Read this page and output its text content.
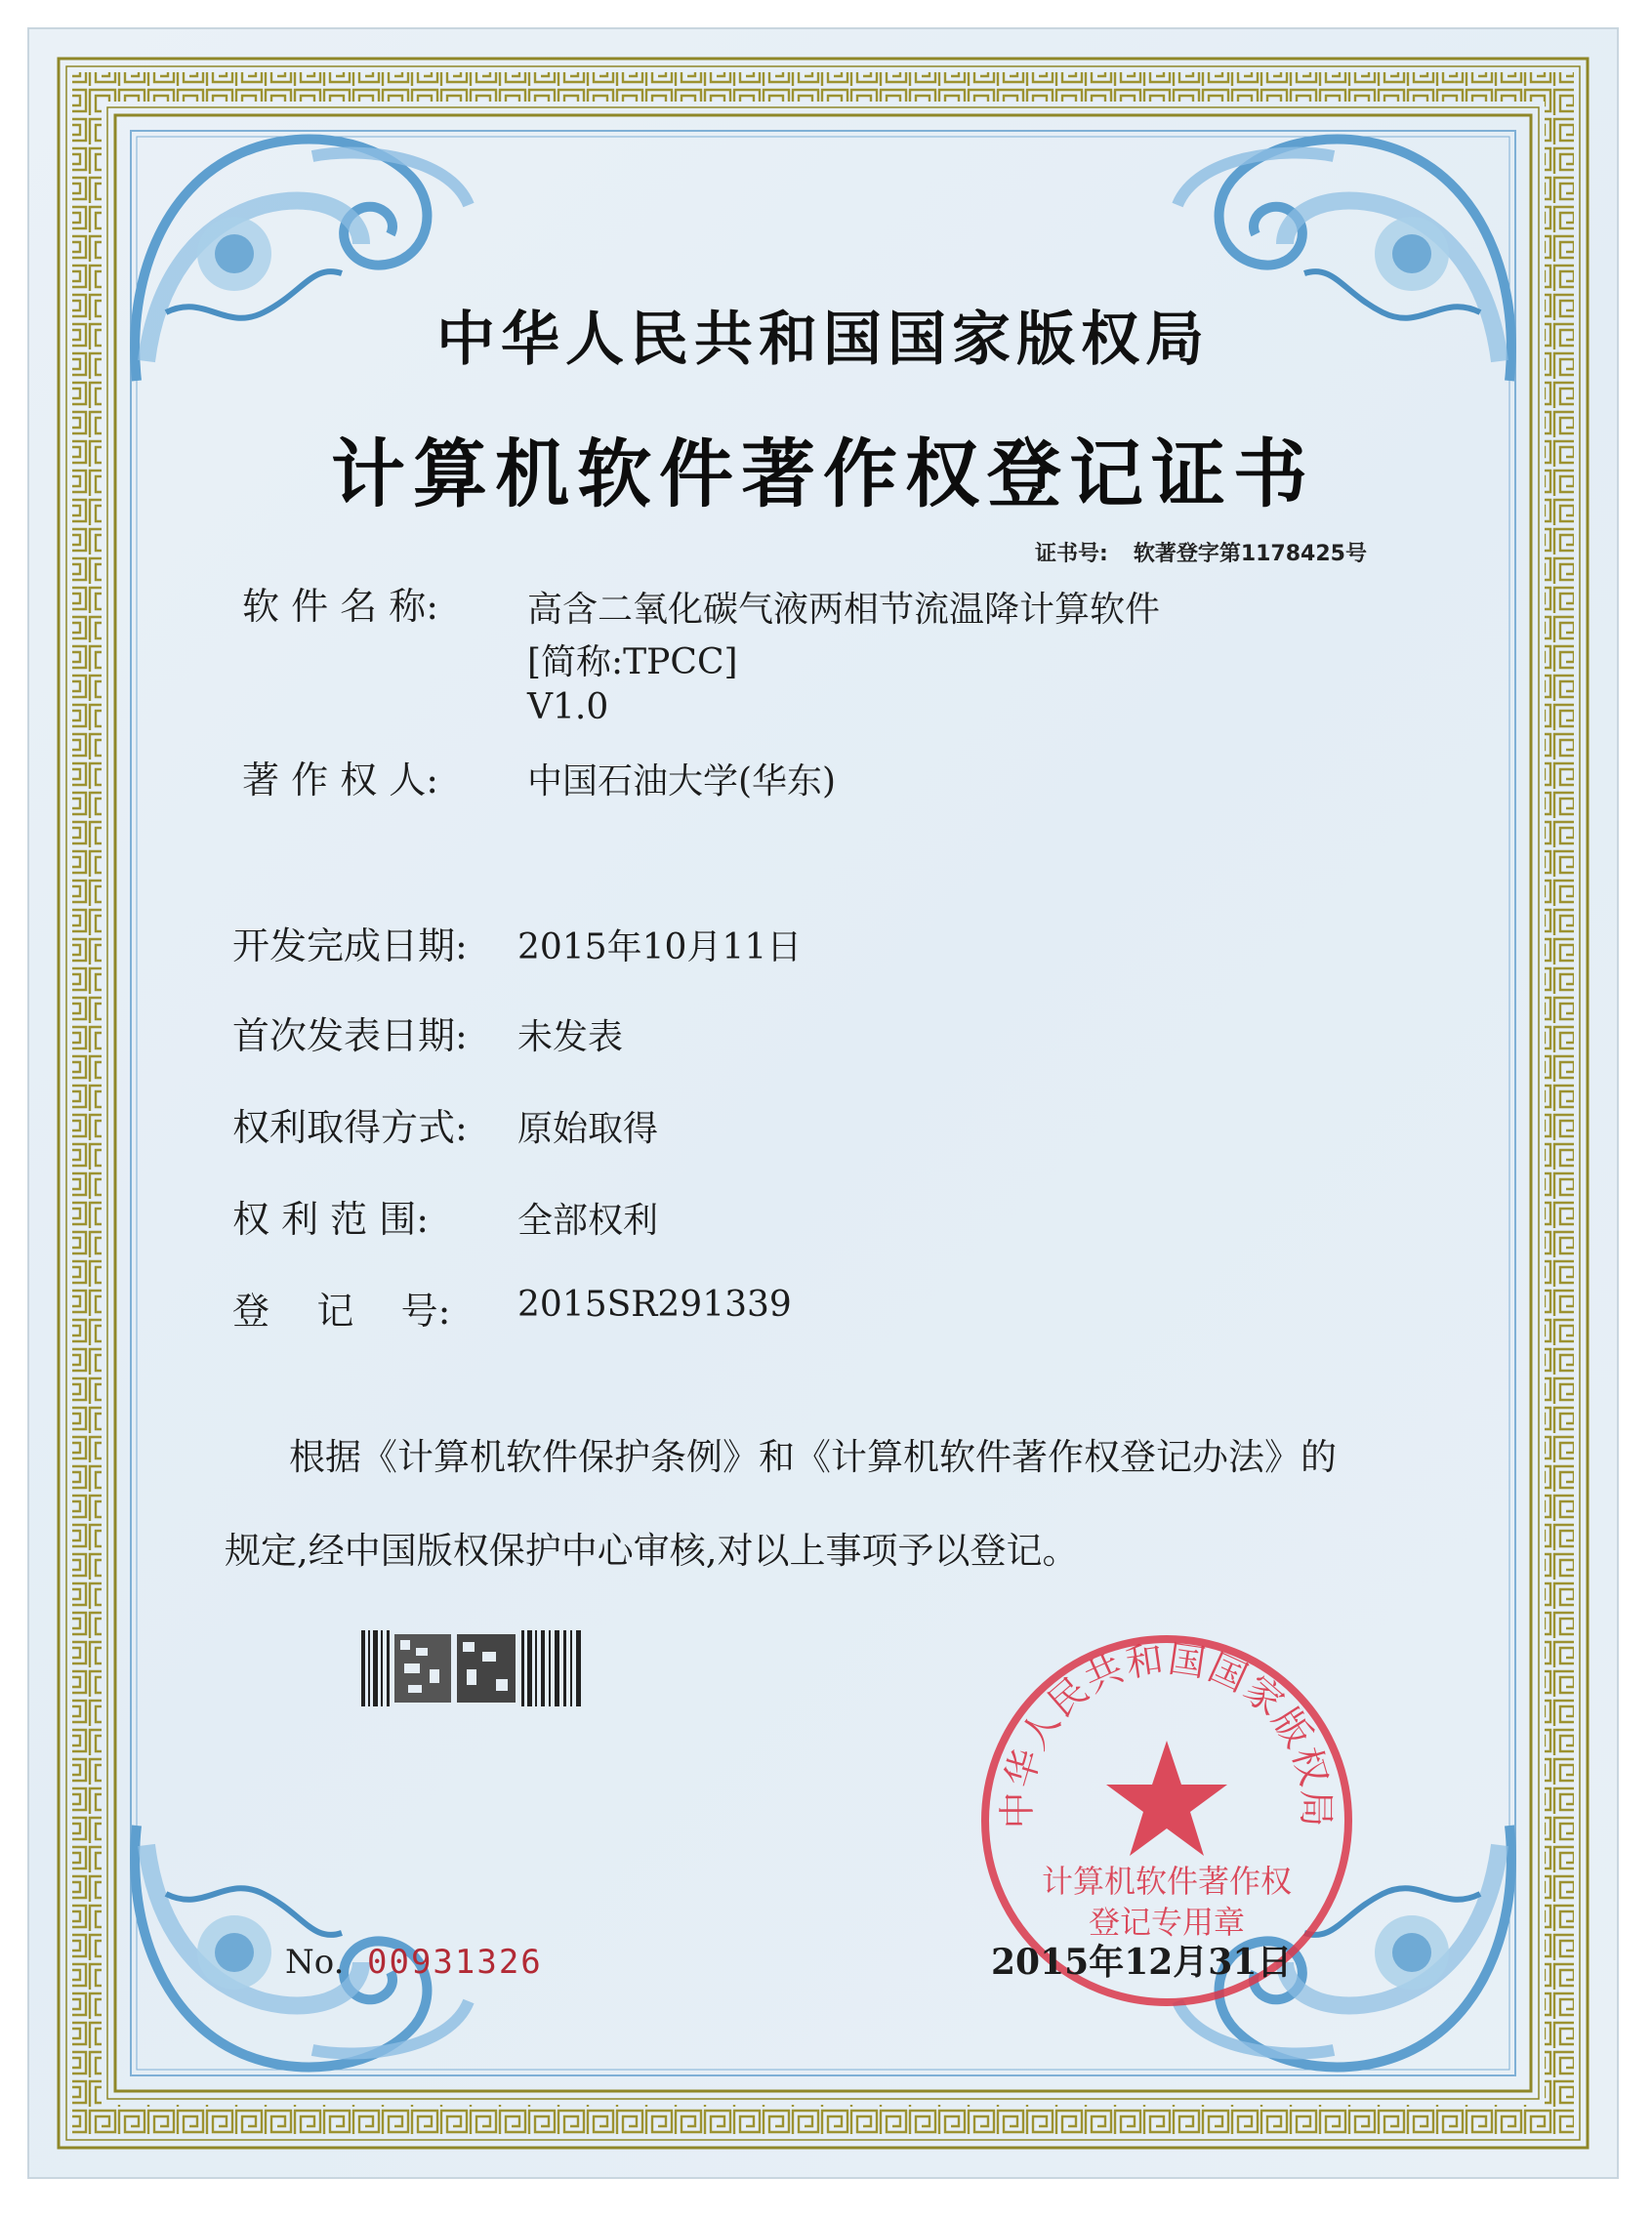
中华人民共和国国家版权局
计算机软件著作权登记证书
证书号: 软著登字第1178425号
软 件 名 称:	高含二氧化碳气液两相节流温降计算软件
[简称:TPCC]
V1.0
著 作 权 人:	中国石油大学(华东)
开发完成日期: 2015年10月11日
首次发表日期: 未发表
权利取得方式: 原始取得
权 利 范 围:	全部权利
登    记    号: 2015SR291339
根据《计算机软件保护条例》和《计算机软件著作权登记办法》的
规定,经中国版权保护中心审核,对以上事项予以登记。
No. 00931326
中华人民共和国国家版权局
计算机软件著作权
登记专用章
2015年12月31日
